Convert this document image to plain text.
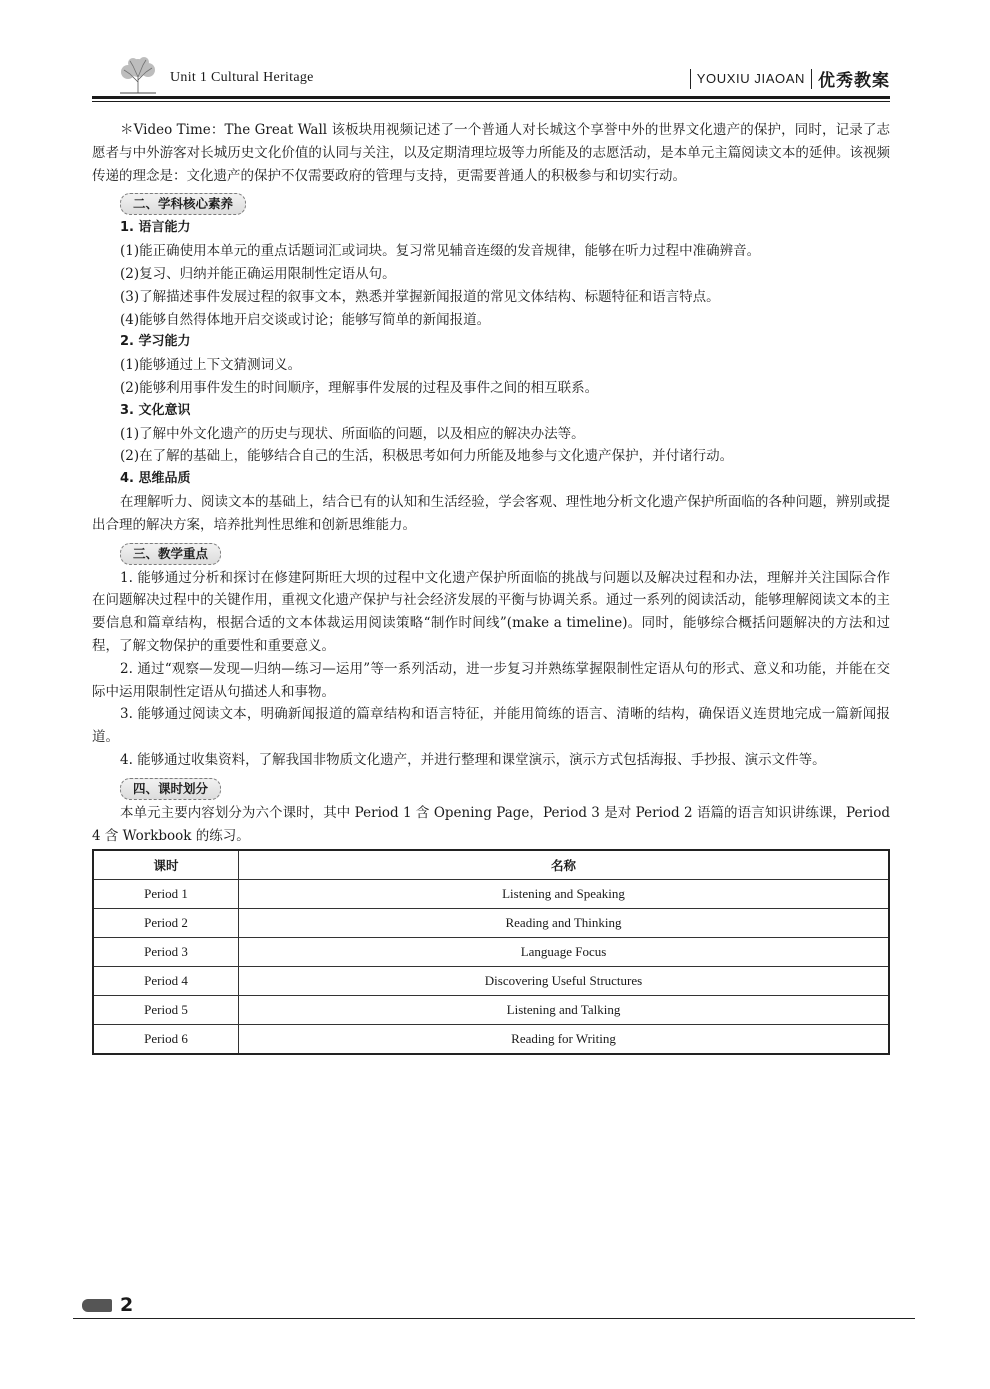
Unit 1 Cultural Heritage	YOUXIU JIAOAN 优秀教案

＊Video Time：The Great Wall 该板块用视频记述了一个普通人对长城这个享誉中外的世界文化遗产的保护，同时，记录了志愿者与中外游客对长城历史文化价值的认同与关注，以及定期清理垃圾等力所能及的志愿活动，是本单元主篇阅读文本的延伸。该视频传递的理念是：文化遗产的保护不仅需要政府的管理与支持，更需要普通人的积极参与和切实行动。

二、学科核心素养

1. 语言能力

(1)能正确使用本单元的重点话题词汇或词块。复习常见辅音连缀的发音规律，能够在听力过程中准确辨音。

(2)复习、归纳并能正确运用限制性定语从句。

(3)了解描述事件发展过程的叙事文本，熟悉并掌握新闻报道的常见文体结构、标题特征和语言特点。

(4)能够自然得体地开启交谈或讨论；能够写简单的新闻报道。

2. 学习能力

(1)能够通过上下文猜测词义。

(2)能够利用事件发生的时间顺序，理解事件发展的过程及事件之间的相互联系。

3. 文化意识

(1)了解中外文化遗产的历史与现状、所面临的问题，以及相应的解决办法等。

(2)在了解的基础上，能够结合自己的生活，积极思考如何力所能及地参与文化遗产保护，并付诸行动。

4. 思维品质

在理解听力、阅读文本的基础上，结合已有的认知和生活经验，学会客观、理性地分析文化遗产保护所面临的各种问题，辨别或提出合理的解决方案，培养批判性思维和创新思维能力。

三、教学重点

1. 能够通过分析和探讨在修建阿斯旺大坝的过程中文化遗产保护所面临的挑战与问题以及解决过程和办法，理解并关注国际合作在问题解决过程中的关键作用，重视文化遗产保护与社会经济发展的平衡与协调关系。通过一系列的阅读活动，能够理解阅读文本的主要信息和篇章结构，根据合适的文本体裁运用阅读策略“制作时间线”(make a timeline)。同时，能够综合概括问题解决的方法和过程，了解文物保护的重要性和重要意义。

2. 通过“观察—发现—归纳—练习—运用”等一系列活动，进一步复习并熟练掌握限制性定语从句的形式、意义和功能，并能在交际中运用限制性定语从句描述人和事物。

3. 能够通过阅读文本，明确新闻报道的篇章结构和语言特征，并能用简练的语言、清晰的结构，确保语义连贯地完成一篇新闻报道。

4. 能够通过收集资料，了解我国非物质文化遗产，并进行整理和课堂演示，演示方式包括海报、手抄报、演示文件等。

四、课时划分

本单元主要内容划分为六个课时，其中 Period 1 含 Opening Page，Period 3 是对 Period 2 语篇的语言知识讲练课，Period 4 含 Workbook 的练习。

课时	名称
Period 1	Listening and Speaking
Period 2	Reading and Thinking
Period 3	Language Focus
Period 4	Discovering Useful Structures
Period 5	Listening and Talking
Period 6	Reading for Writing
2
